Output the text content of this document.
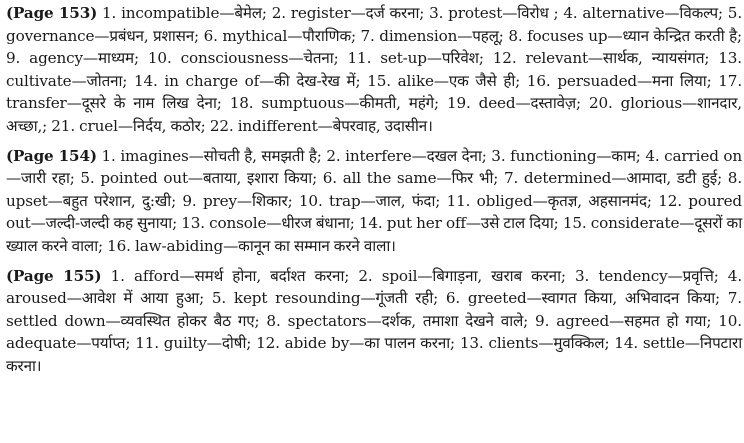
(Page 153) 1. incompatible—बेमेल; 2. register—दर्ज करना; 3. protest—विरोध ; 4. alternative—विकल्प; 5. governance—प्रबंधन, प्रशासन; 6. mythical—पौराणिक; 7. dimension—पहलू; 8. focuses up—ध्यान केन्द्रित करती है; 9. agency—माध्यम; 10. consciousness—चेतना; 11. set-up—परिवेश; 12. relevant—सार्थक, न्यायसंगत; 13. cultivate—जोतना; 14. in charge of—की देख-रेख में; 15. alike—एक जैसे ही; 16. persuaded—मना लिया; 17. transfer—दूसरे के नाम लिख देना; 18. sumptuous—कीमती, महंगे; 19. deed—दस्तावेज़; 20. glorious—शानदार, अच्छा,; 21. cruel—निर्दय, कठोर; 22. indifferent—बेपरवाह, उदासीन।

(Page 154) 1. imagines—सोचती है, समझती है; 2. interfere—दखल देना; 3. functioning—काम; 4. carried on—जारी रहा; 5. pointed out—बताया, इशारा किया; 6. all the same—फिर भी; 7. determined—आमादा, डटी हुई; 8. upset—बहुत परेशान, दु:खी; 9. prey—शिकार; 10. trap—जाल, फंदा; 11. obliged—कृतज्ञ, अहसानमंद; 12. poured out—जल्दी-जल्दी कह सुनाया; 13. console—धीरज बंधाना; 14. put her off—उसे टाल दिया; 15. considerate—दूसरों का ख्याल करने वाला; 16. law-abiding—कानून का सम्मान करने वाला।

(Page 155) 1. afford—समर्थ होना, बर्दाश्त करना; 2. spoil—बिगाड़ना, खराब करना; 3. tendency—प्रवृत्ति; 4. aroused—आवेश में आया हुआ; 5. kept resounding—गूंजती रही; 6. greeted—स्वागत किया, अभिवादन किया; 7. settled down—व्यवस्थित होकर बैठ गए; 8. spectators—दर्शक, तमाशा देखने वाले; 9. agreed—सहमत हो गया; 10. adequate—पर्याप्त; 11. guilty—दोषी; 12. abide by—का पालन करना; 13. clients—मुवक्किल; 14. settle—निपटारा करना।
